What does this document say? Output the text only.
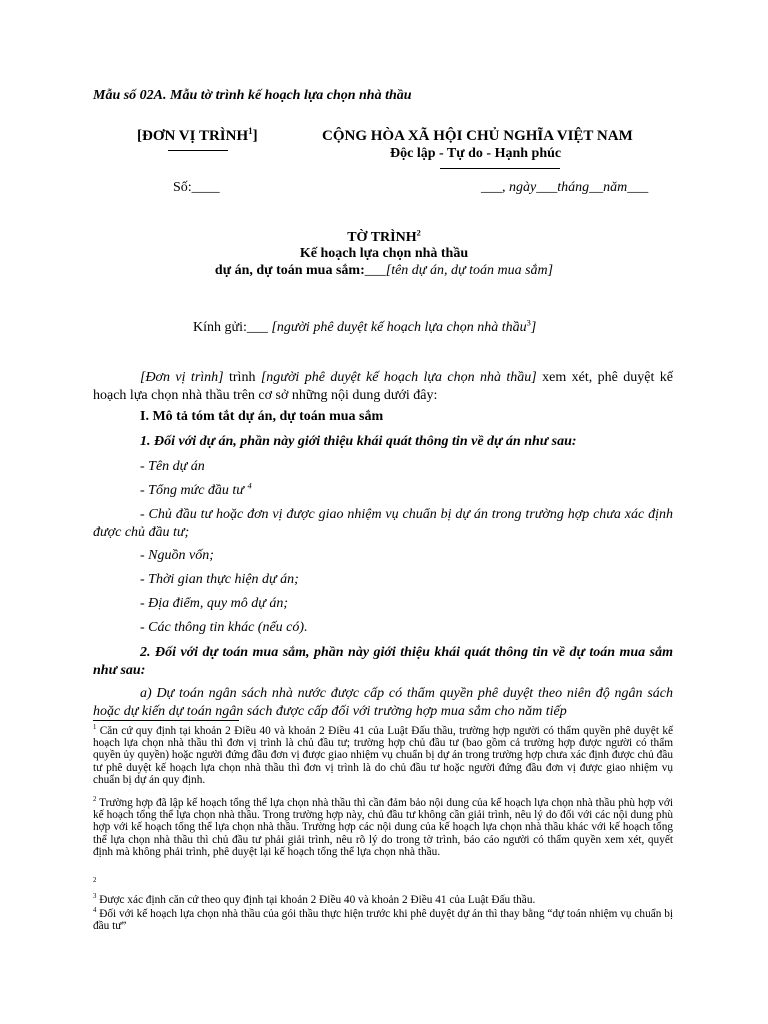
Mẫu số 02A. Mẫu tờ trình kế hoạch lựa chọn nhà thầu
[ĐƠN VỊ TRÌNH$^1$]	CỘNG HÒA XÃ HỘI CHỦ NGHĨA VIỆT NAM
Độc lập - Tự do - Hạnh phúc
Số:____	___, ngày___tháng__năm___
TỜ TRÌNH$^2$
Kế hoạch lựa chọn nhà thầu
dự án, dự toán mua sắm:___[tên dự án, dự toán mua sắm]
Kính gửi:___ [người phê duyệt kế hoạch lựa chọn nhà thầu$^3$]
[Đơn vị trình] trình [người phê duyệt kế hoạch lựa chọn nhà thầu] xem xét, phê duyệt kế hoạch lựa chọn nhà thầu trên cơ sở những nội dung dưới đây:
I. Mô tả tóm tắt dự án, dự toán mua sắm
1. Đối với dự án, phần này giới thiệu khái quát thông tin về dự án như sau:
- Tên dự án
- Tổng mức đầu tư $^4$
- Chủ đầu tư hoặc đơn vị được giao nhiệm vụ chuẩn bị dự án trong trường hợp chưa xác định được chủ đầu tư;
- Nguồn vốn;
- Thời gian thực hiện dự án;
- Địa điểm, quy mô dự án;
- Các thông tin khác (nếu có).
2. Đối với dự toán mua sắm, phần này giới thiệu khái quát thông tin về dự toán mua sắm như sau:
a) Dự toán ngân sách nhà nước được cấp có thẩm quyền phê duyệt theo niên độ ngân sách hoặc dự kiến dự toán ngân sách được cấp đối với trường hợp mua sắm cho năm tiếp
$^1$ Căn cứ quy định tại khoản 2 Điều 40 và khoản 2 Điều 41 của Luật Đấu thầu, trường hợp người có thẩm quyền phê duyệt kế hoạch lựa chọn nhà thầu thì đơn vị trình là chủ đầu tư; trường hợp chủ đầu tư (bao gồm cả trường hợp được người có thẩm quyền ủy quyền) hoặc người đứng đầu đơn vị được giao nhiệm vụ chuẩn bị dự án trong trường hợp chưa xác định được chủ đầu tư phê duyệt kế hoạch lựa chọn nhà thầu thì đơn vị trình là do chủ đầu tư hoặc người đứng đầu đơn vị được giao nhiệm vụ chuẩn bị dự án quy định.
$^2$ Trường hợp đã lập kế hoạch tổng thể lựa chọn nhà thầu thì cần đảm bảo nội dung của kế hoạch lựa chọn nhà thầu phù hợp với kế hoạch tổng thể lựa chọn nhà thầu. Trong trường hợp này, chủ đầu tư không cần giải trình, nêu lý do đối với các nội dung phù hợp với kế hoạch tổng thể lựa chọn nhà thầu. Trường hợp các nội dung của kế hoạch lựa chọn nhà thầu khác với kế hoạch tổng thể lựa chọn nhà thầu thì chủ đầu tư phải giải trình, nêu rõ lý do trong tờ trình, báo cáo người có thẩm quyền xem xét, quyết định mà không phải trình, phê duyệt lại kế hoạch tổng thể lựa chọn nhà thầu.
$^2$
$^3$ Được xác định căn cứ theo quy định tại khoản 2 Điều 40 và khoản 2 Điều 41 của Luật Đấu thầu.
$^4$ Đối với kế hoạch lựa chọn nhà thầu của gói thầu thực hiện trước khi phê duyệt dự án thì thay bằng “dự toán nhiệm vụ chuẩn bị đầu tư”
